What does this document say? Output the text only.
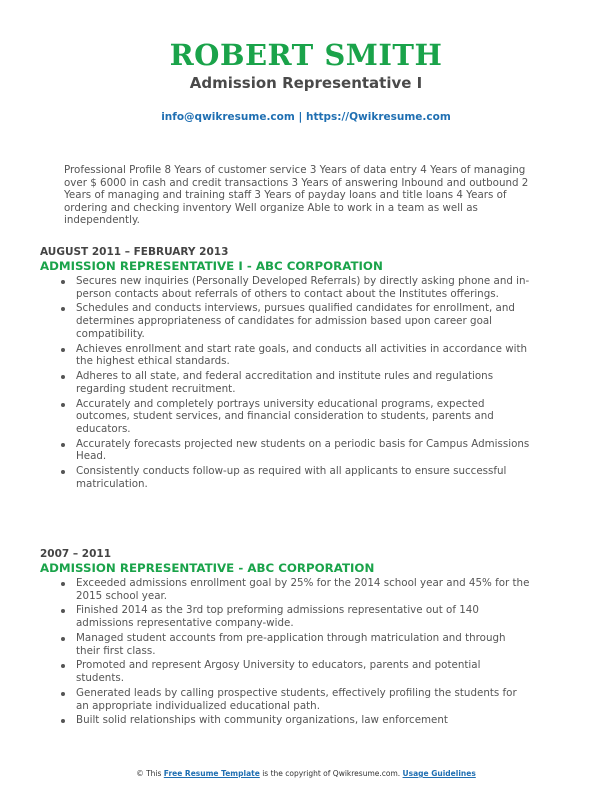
ROBERT SMITH
Admission Representative I
info@qwikresume.com | https://Qwikresume.com

Professional Profile 8 Years of customer service 3 Years of data entry 4 Years of managing over $ 6000 in cash and credit transactions 3 Years of answering Inbound and outbound 2 Years of managing and training staff 3 Years of payday loans and title loans 4 Years of ordering and checking inventory Well organize Able to work in a team as well as independently.

AUGUST 2011 – FEBRUARY 2013

ADMISSION REPRESENTATIVE I - ABC CORPORATION

Secures new inquiries (Personally Developed Referrals) by directly asking phone and in-person contacts about referrals of others to contact about the Institutes offerings.
Schedules and conducts interviews, pursues qualified candidates for enrollment, and determines appropriateness of candidates for admission based upon career goal compatibility.
Achieves enrollment and start rate goals, and conducts all activities in accordance with the highest ethical standards.
Adheres to all state, and federal accreditation and institute rules and regulations regarding student recruitment.
Accurately and completely portrays university educational programs, expected outcomes, student services, and financial consideration to students, parents and educators.
Accurately forecasts projected new students on a periodic basis for Campus Admissions Head.
Consistently conducts follow-up as required with all applicants to ensure successful matriculation.

2007 – 2011

ADMISSION REPRESENTATIVE - ABC CORPORATION

Exceeded admissions enrollment goal by 25% for the 2014 school year and 45% for the 2015 school year.
Finished 2014 as the 3rd top preforming admissions representative out of 140 admissions representative company-wide.
Managed student accounts from pre-application through matriculation and through their first class.
Promoted and represent Argosy University to educators, parents and potential students.
Generated leads by calling prospective students, effectively profiling the students for an appropriate individualized educational path.
Built solid relationships with community organizations, law enforcement
© This Free Resume Template is the copyright of Qwikresume.com. Usage Guidelines
